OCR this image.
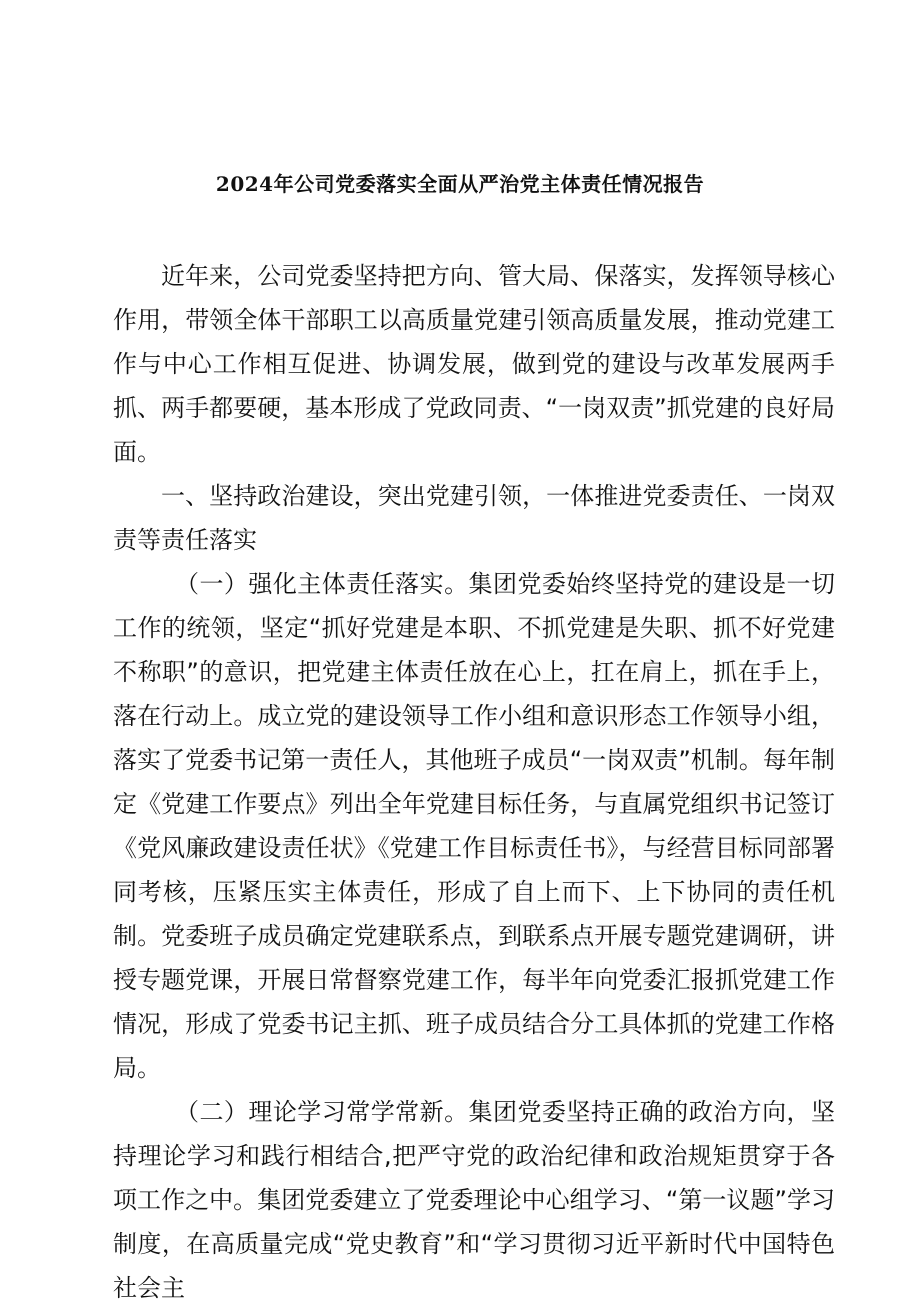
2024年公司党委落实全面从严治党主体责任情况报告

近年来，公司党委坚持把方向、管大局、保落实，发挥领导核心作用，带领全体干部职工以高质量党建引领高质量发展，推动党建工作与中心工作相互促进、协调发展，做到党的建设与改革发展两手抓、两手都要硬，基本形成了党政同责、“一岗双责”抓党建的良好局面。

一、坚持政治建设，突出党建引领，一体推进党委责任、一岗双责等责任落实

（一）强化主体责任落实。集团党委始终坚持党的建设是一切工作的统领，坚定“抓好党建是本职、不抓党建是失职、抓不好党建不称职”的意识，把党建主体责任放在心上，扛在肩上，抓在手上，落在行动上。成立党的建设领导工作小组和意识形态工作领导小组，落实了党委书记第一责任人，其他班子成员“一岗双责”机制。每年制定《党建工作要点》列出全年党建目标任务，与直属党组织书记签订《党风廉政建设责任状》《党建工作目标责任书》，与经营目标同部署同考核，压紧压实主体责任，形成了自上而下、上下协同的责任机制。党委班子成员确定党建联系点，到联系点开展专题党建调研，讲授专题党课，开展日常督察党建工作，每半年向党委汇报抓党建工作情况，形成了党委书记主抓、班子成员结合分工具体抓的党建工作格局。

（二）理论学习常学常新。集团党委坚持正确的政治方向，坚持理论学习和践行相结合,把严守党的政治纪律和政治规矩贯穿于各项工作之中。集团党委建立了党委理论中心组学习、“第一议题”学习制度，在高质量完成“党史教育”和“学习贯彻习近平新时代中国特色社会主
